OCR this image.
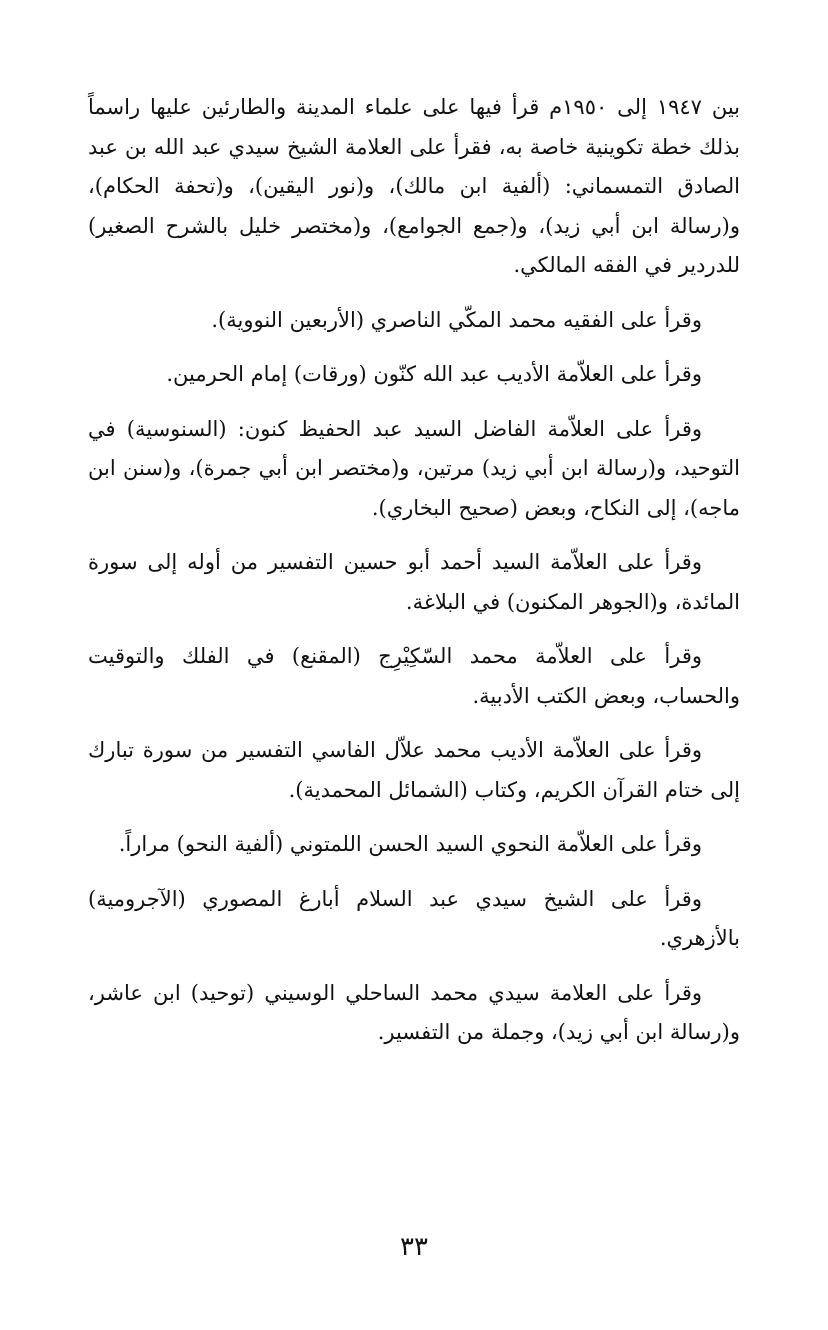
بين ١٩٤٧ إلى ١٩٥٠م قرأ فيها على علماء المدينة والطارئين عليها راسماً بذلك خطة تكوينية خاصة به، فقرأ على العلامة الشيخ سيدي عبد الله بن عبد الصادق التمسماني: (ألفية ابن مالك)، و(نور اليقين)، و(تحفة الحكام)، و(رسالة ابن أبي زيد)، و(جمع الجوامع)، و(مختصر خليل بالشرح الصغير) للدردير في الفقه المالكي.

وقرأ على الفقيه محمد المكّي الناصري (الأربعين النووية).

وقرأ على العلاّمة الأديب عبد الله كنّون (ورقات) إمام الحرمين.

وقرأ على العلاّمة الفاضل السيد عبد الحفيظ كنون: (السنوسية) في التوحيد، و(رسالة ابن أبي زيد) مرتين، و(مختصر ابن أبي جمرة)، و(سنن ابن ماجه)، إلى النكاح، وبعض (صحيح البخاري).

وقرأ على العلاّمة السيد أحمد أبو حسين التفسير من أوله إلى سورة المائدة، و(الجوهر المكنون) في البلاغة.

وقرأ على العلاّمة محمد السّكِيْرِج (المقنع) في الفلك والتوقيت والحساب، وبعض الكتب الأدبية.

وقرأ على العلاّمة الأديب محمد علاّل الفاسي التفسير من سورة تبارك إلى ختام القرآن الكريم، وكتاب (الشمائل المحمدية).

وقرأ على العلاّمة النحوي السيد الحسن اللمتوني (ألفية النحو) مراراً.

وقرأ على الشيخ سيدي عبد السلام أبارغ المصوري (الآجرومية) بالأزهري.

وقرأ على العلامة سيدي محمد الساحلي الوسيني (توحيد) ابن عاشر، و(رسالة ابن أبي زيد)، وجملة من التفسير.

٣٣
